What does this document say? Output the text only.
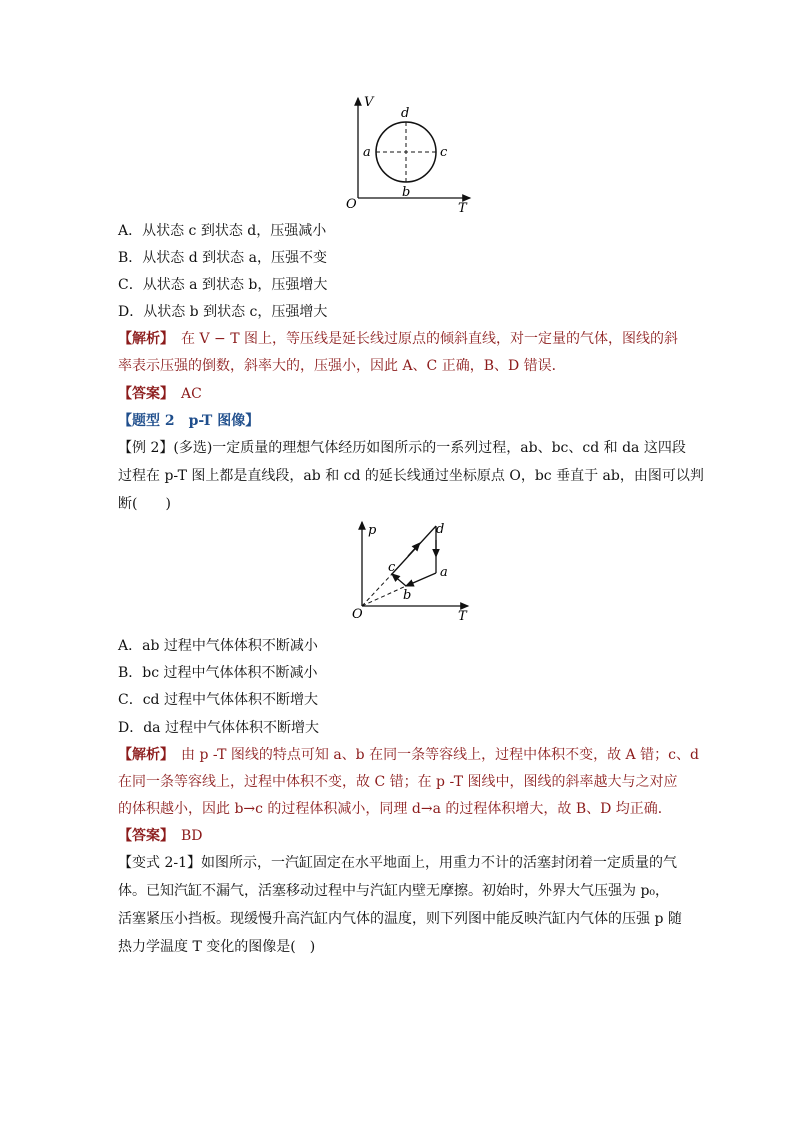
V
T
O
a
b
c
d
A．从状态 c 到状态 d，压强减小
B．从状态 d 到状态 a，压强不变
C．从状态 a 到状态 b，压强增大
D．从状态 b 到状态 c，压强增大
【解析】　在 V − T 图上，等压线是延长线过原点的倾斜直线，对一定量的气体，图线的斜
率表示压强的倒数，斜率大的，压强小，因此 A、C 正确，B、D 错误．
【答案】　AC
【题型 2　p-T 图像】
【例 2】(多选)一定质量的理想气体经历如图所示的一系列过程，ab、bc、cd 和 da 这四段
过程在 p-T 图上都是直线段，ab 和 cd 的延长线通过坐标原点 O，bc 垂直于 ab，由图可以判
断(　　)
p
T
O
a
b
c
d
A．ab 过程中气体体积不断减小
B．bc 过程中气体体积不断减小
C．cd 过程中气体体积不断增大
D．da 过程中气体体积不断增大
【解析】　由 p -T 图线的特点可知 a、b 在同一条等容线上，过程中体积不变，故 A 错；c、d
在同一条等容线上，过程中体积不变，故 C 错；在 p -T 图线中，图线的斜率越大与之对应
的体积越小，因此 b→c 的过程体积减小，同理 d→a 的过程体积增大，故 B、D 均正确．
【答案】　BD
【变式 2-1】如图所示，一汽缸固定在水平地面上，用重力不计的活塞封闭着一定质量的气
体。已知汽缸不漏气，活塞移动过程中与汽缸内壁无摩擦。初始时，外界大气压强为 p₀，
活塞紧压小挡板。现缓慢升高汽缸内气体的温度，则下列图中能反映汽缸内气体的压强 p 随
热力学温度 T 变化的图像是(　)
